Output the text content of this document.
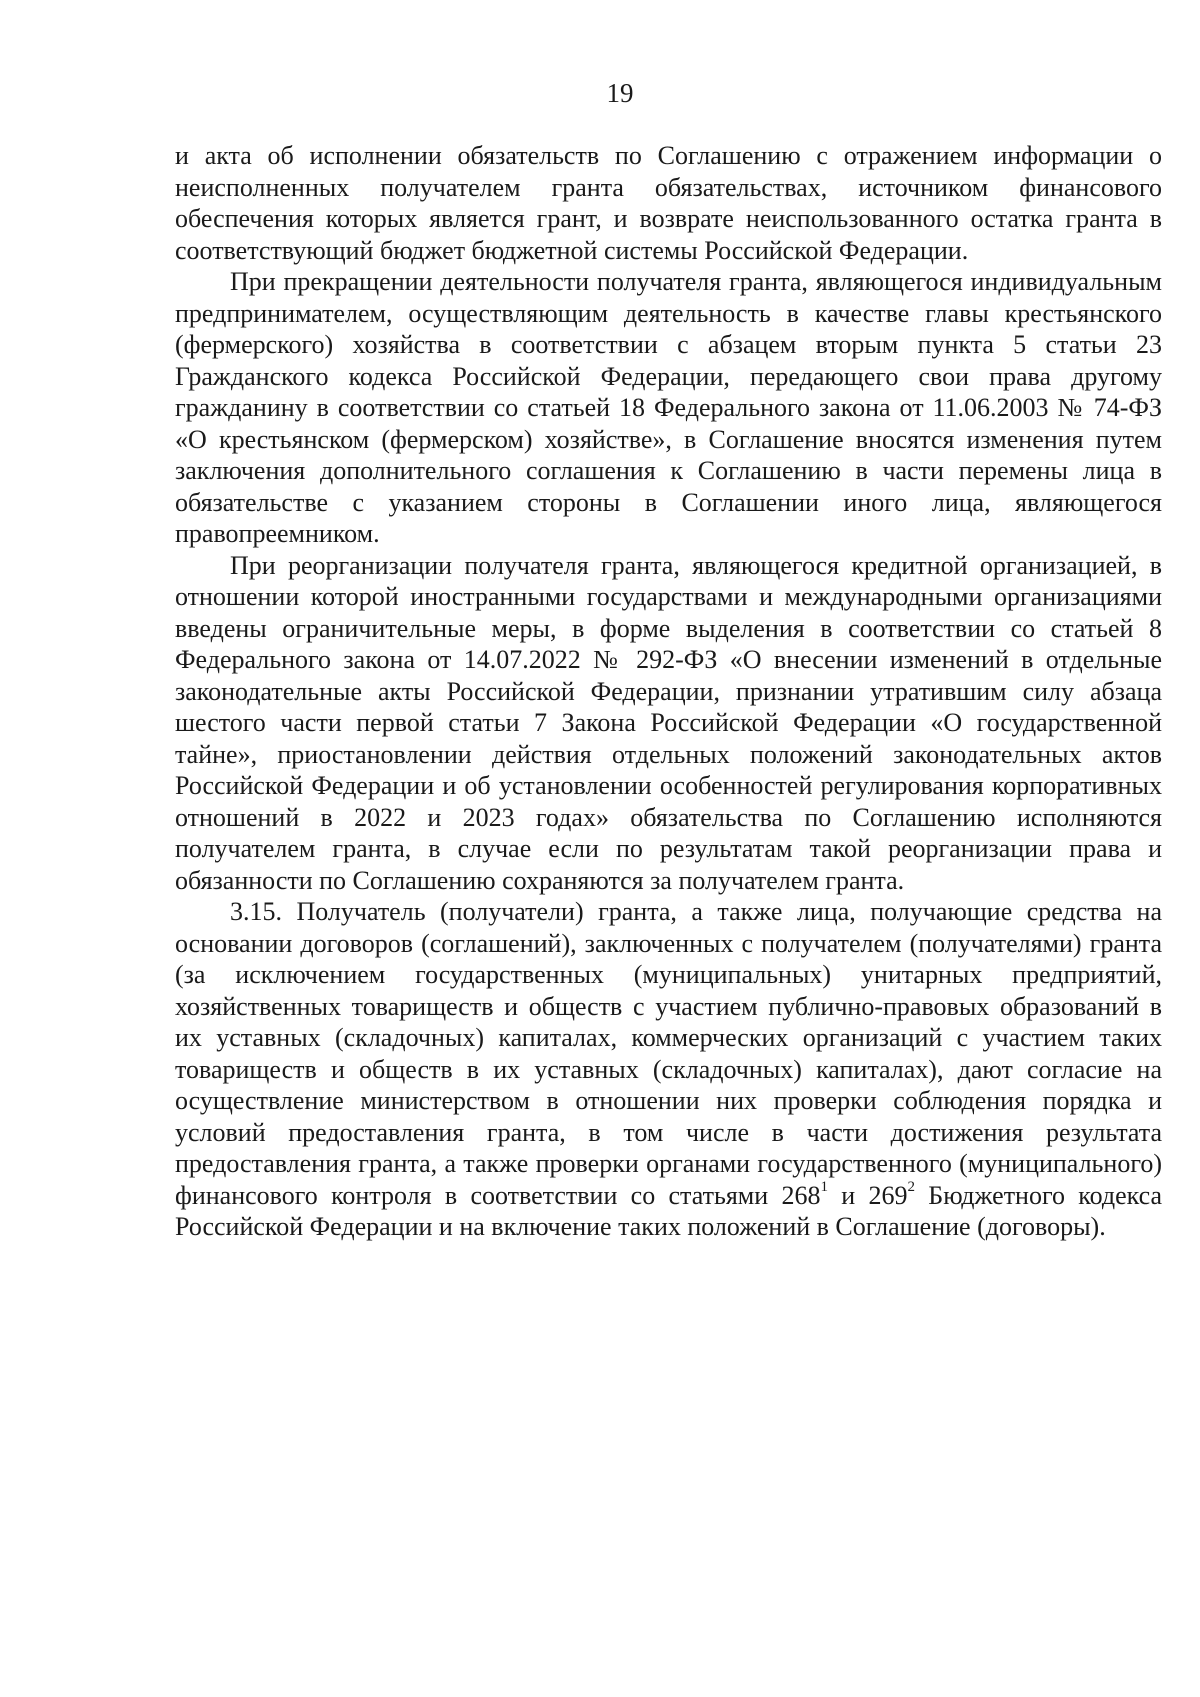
19

и акта об исполнении обязательств по Соглашению с отражением информации о неисполненных получателем гранта обязательствах, источником финансового обеспечения которых является грант, и возврате неиспользованного остатка гранта в соответствующий бюджет бюджетной системы Российской Федерации.

При прекращении деятельности получателя гранта, являющегося индивидуальным предпринимателем, осуществляющим деятельность в качестве главы крестьянского (фермерского) хозяйства в соответствии с абзацем вторым пункта 5 статьи 23 Гражданского кодекса Российской Федерации, передающего свои права другому гражданину в соответствии со статьей 18 Федерального закона от 11.06.2003 № 74-ФЗ «О крестьянском (фермерском) хозяйстве», в Соглашение вносятся изменения путем заключения дополнительного соглашения к Соглашению в части перемены лица в обязательстве с указанием стороны в Соглашении иного лица, являющегося правопреемником.

При реорганизации получателя гранта, являющегося кредитной организацией, в отношении которой иностранными государствами и международными организациями введены ограничительные меры, в форме выделения в соответствии со статьей 8 Федерального закона от 14.07.2022 № 292-ФЗ «О внесении изменений в отдельные законодательные акты Российской Федерации, признании утратившим силу абзаца шестого части первой статьи 7 Закона Российской Федерации «О государственной тайне», приостановлении действия отдельных положений законодательных актов Российской Федерации и об установлении особенностей регулирования корпоративных отношений в 2022 и 2023 годах» обязательства по Соглашению исполняются получателем гранта, в случае если по результатам такой реорганизации права и обязанности по Соглашению сохраняются за получателем гранта.

3.15. Получатель (получатели) гранта, а также лица, получающие средства на основании договоров (соглашений), заключенных с получателем (получателями) гранта (за исключением государственных (муниципальных) унитарных предприятий, хозяйственных товариществ и обществ с участием публично-правовых образований в их уставных (складочных) капиталах, коммерческих организаций с участием таких товариществ и обществ в их уставных (складочных) капиталах), дают согласие на осуществление министерством в отношении них проверки соблюдения порядка и условий предоставления гранта, в том числе в части достижения результата предоставления гранта, а также проверки органами государственного (муниципального) финансового контроля в соответствии со статьями $268^1$ и $269^2$ Бюджетного кодекса Российской Федерации и на включение таких положений в Соглашение (договоры).
